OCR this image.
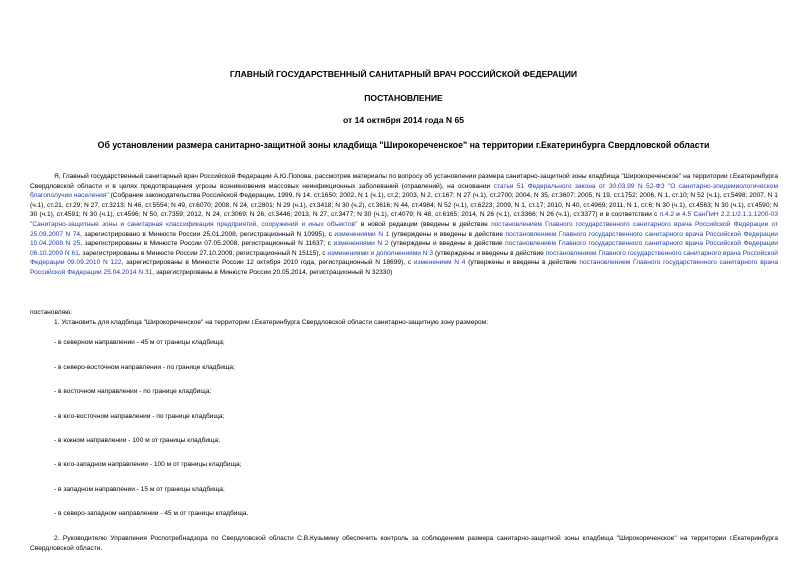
ГЛАВНЫЙ ГОСУДАРСТВЕННЫЙ САНИТАРНЫЙ ВРАЧ РОССИЙСКОЙ ФЕДЕРАЦИИ
ПОСТАНОВЛЕНИЕ
от 14 октября 2014 года N 65
Об установлении размера санитарно-защитной зоны кладбища "Широкореченское" на территории г.Екатеринбурга Свердловской области
Я, Главный государственный санитарный врач Российской Федерации А.Ю.Попова, рассмотрев материалы по вопросу об установлении размера санитарно-защитной зоны кладбища "Широкореченское" на территории г.Екатеринбурга Свердловской области и в целях предотвращения угрозы возникновения массовых неинфекционных заболеваний (отравлений), на основании статьи 51 Федерального закона от 30.03.99 N 52-ФЗ "О санитарно-эпидемиологическом благополучии населения" (Собрание законодательства Российской Федерации, 1999, N 14, ст.1650; 2002, N 1 (ч.1), ст.2; 2003, N 2, ст.167; N 27 (ч.1), ст.2700; 2004, N 35, ст.3607; 2005, N 19, ст.1752; 2006, N 1, ст.10; N 52 (ч.1), ст.5498; 2007, N 1 (ч.1), ст.21, ст.29; N 27, ст.3213; N 46, ст.5554; N 49, ст.6070; 2008, N 24, ст.2801; N 29 (ч.1), ст.3418; N 30 (ч.2), ст.3616; N 44, ст.4984; N 52 (ч.1), ст.6223; 2009, N 1, ст.17; 2010, N 40, ст.4969; 2011, N 1, ст.6; N 30 (ч.1), ст.4563; N 30 (ч.1), ст.4590; N 30 (ч.1), ст.4591; N 30 (ч.1), ст.4596; N 50, ст.7359; 2012, N 24, ст.3069; N 26, ст.3446; 2013, N 27, ст.3477; N 30 (ч.1), ст.4079; N 48, ст.6165; 2014, N 26 (ч.1), ст.3366; N 26 (ч.1), ст.3377) и в соответствии с п.4.2 и 4.5 СанПиН 2.2.1/2.1.1.1200-03 "Санитарно-защитные зоны и санитарная классификация предприятий, сооружений и иных объектов" в новой редакции (введены в действие постановлением Главного государственного санитарного врача Российской Федерации от 25.09.2007 N 74, зарегистрировано в Минюсте России 25.01.2008, регистрационный N 10995), с изменениями N 1 (утверждены и введены в действие постановлением Главного государственного санитарного врача Российской Федерации 10.04.2008 N 25, зарегистрированы в Минюсте России 07.05.2008, регистрационный N 11637; с изменениями N 2 (утверждены и введены в действие постановлением Главного государственного санитарного врача Российской Федерации 06.10.2009 N 61, зарегистрированы в Минюсте России 27.10.2009, регистрационный N 15115), с изменениями и дополнениями N 3 (утверждены и введены в действие постановлением Главного государственного санитарного врача Российской Федерации 09.09.2010 N 122, зарегистрированы в Минюсте России 12 октября 2010 года, регистрационный N 18699), с изменением N 4 (утвержены и введены в действие постановлением Главного государственного санитарного врача Российской Федерации 25.04.2014 N 31, зарегистрированы в Минюсте России 20.05.2014, регистрационный N 32330)
постановляю:
1. Установить для кладбища "Широкореченское" на территории г.Екатеринбурга Свердловской области санитарно-защитную зону размером:
- в северном направлении - 45 м от границы кладбища;
- в северо-восточном направлении - по границе кладбища;
- в восточном направлении - по границе кладбища;
- в юго-восточном направлении - по границе кладбища;
- в южном направлении - 100 м от границы кладбища;
- в юго-западном направлении - 100 м от границы кладбища;
- в западном направлении - 15 м от границы кладбища;
- в северо-западном направлении - 45 м от границы кладбища.
2. Руководителю Управления Роспотребнадзора по Свердловской области С.В.Кузьмину обеспечить контроль за соблюдением размера санитарно-защитной зоны кладбища "Широкореченское" на территории г.Екатеринбурга Свердловской области.
